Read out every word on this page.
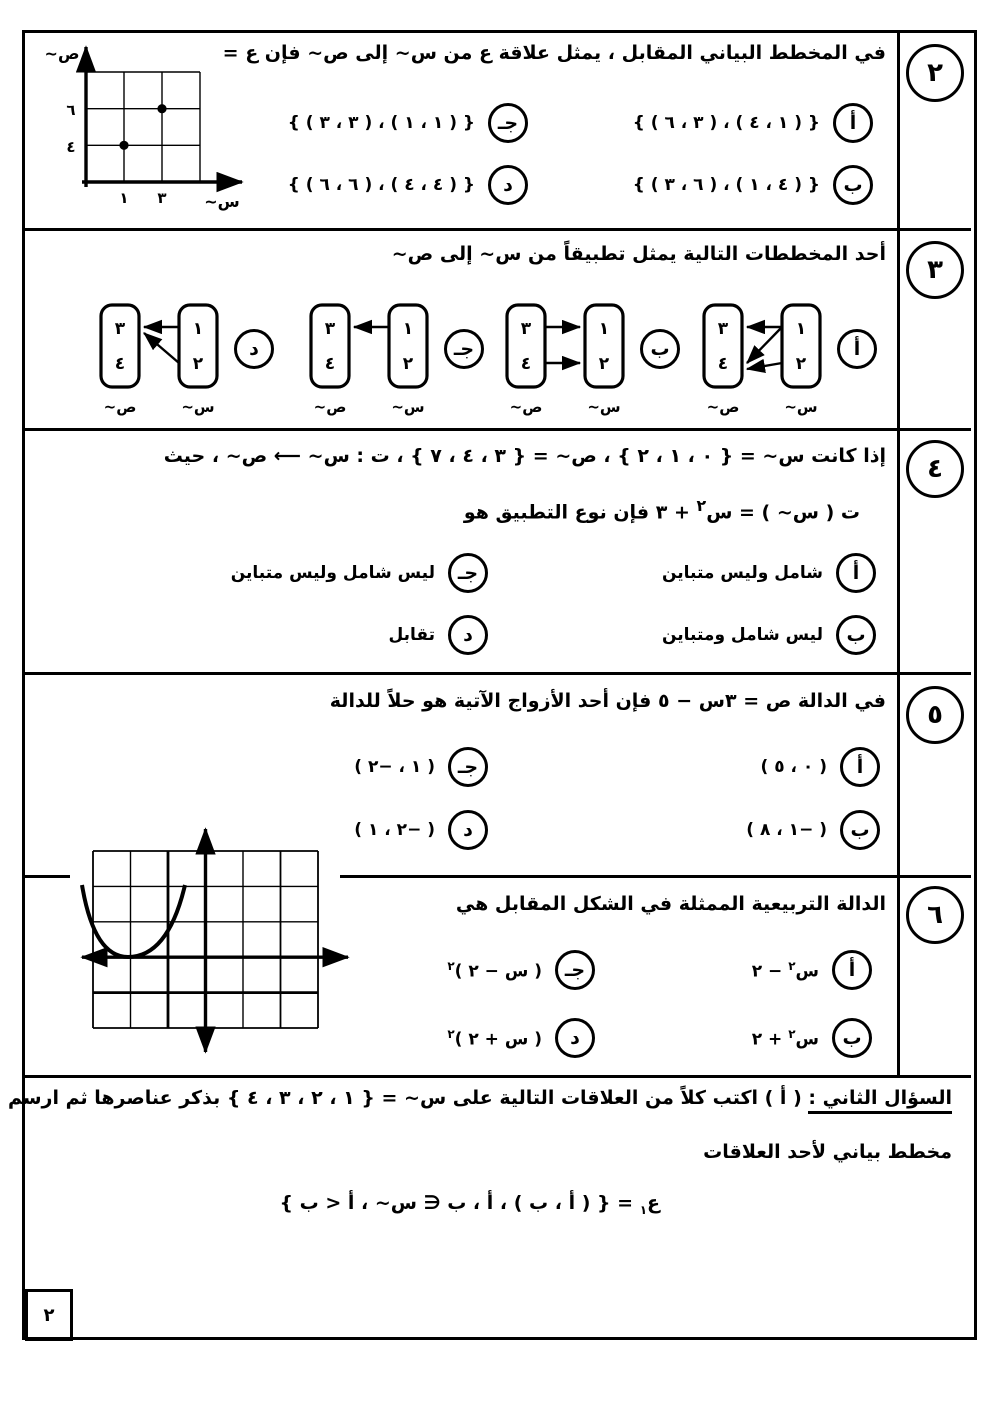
٢
٣
٤
٥
٦
في المخطط البياني المقابل ، يمثل علاقة ع من س~ إلى ص~ فإن ع =
٦
٤
١ ٣
ص~
س~
أ
{ ( ١ ، ٤ ) ، ( ٣ ، ٦ ) }
ب
{ ( ٤ ، ١ ) ، ( ٦ ، ٣ ) }
جـ
{ ( ١ ، ١ ) ، ( ٣ ، ٣ ) }
د
{ ( ٤ ، ٤ ) ، ( ٦ ، ٦ ) }
أحد المخططات التالية يمثل تطبيقاً من س~ إلى ص~
أ
١
٢
٣
٤
س~
ص~
ب
١
٢
٣
٤
س~
ص~
جـ
١
٢
٣
٤
س~
ص~
د
١
٢
٣
٤
س~
ص~
إذا كانت س~ = { ٠ ، ١ ، ٢ } ، ص~ = { ٣ ، ٤ ، ٧ } ، ت : س~ ⟵ ص~ ، حيث
ت ( س~ ) = س$^٢$ + ٣ فإن نوع التطبيق هو
أ
شامل وليس متباين
ب
ليس شامل ومتباين
جـ
ليس شامل وليس متباين
د
تقابل
في الدالة ص = ٣س − ٥ فإن أحد الأزواج الآتية هو حلاً للدالة
أ
( ٠ ، ٥ )
ب
( −١ ، ٨ )
جـ
( ١ ، −٢ )
د
( −٢ ، ١ )
الدالة التربيعية الممثلة في الشكل المقابل هي
أ
س$^٢$ − ٢
ب
س$^٢$ + ٢
جـ
( س − ٢ )$^٢$
د
( س + ٢ )$^٢$
السؤال الثاني : ( أ ) اكتب كلاً من العلاقات التالية على س~ = { ١ ، ٢ ، ٣ ، ٤ } بذكر عناصرها ثم ارسم
مخطط بياني لأحد العلاقات
ع$_١$ = { ( أ ، ب ) ، أ ، ب ∈ س~ ، أ < ب }
٢
